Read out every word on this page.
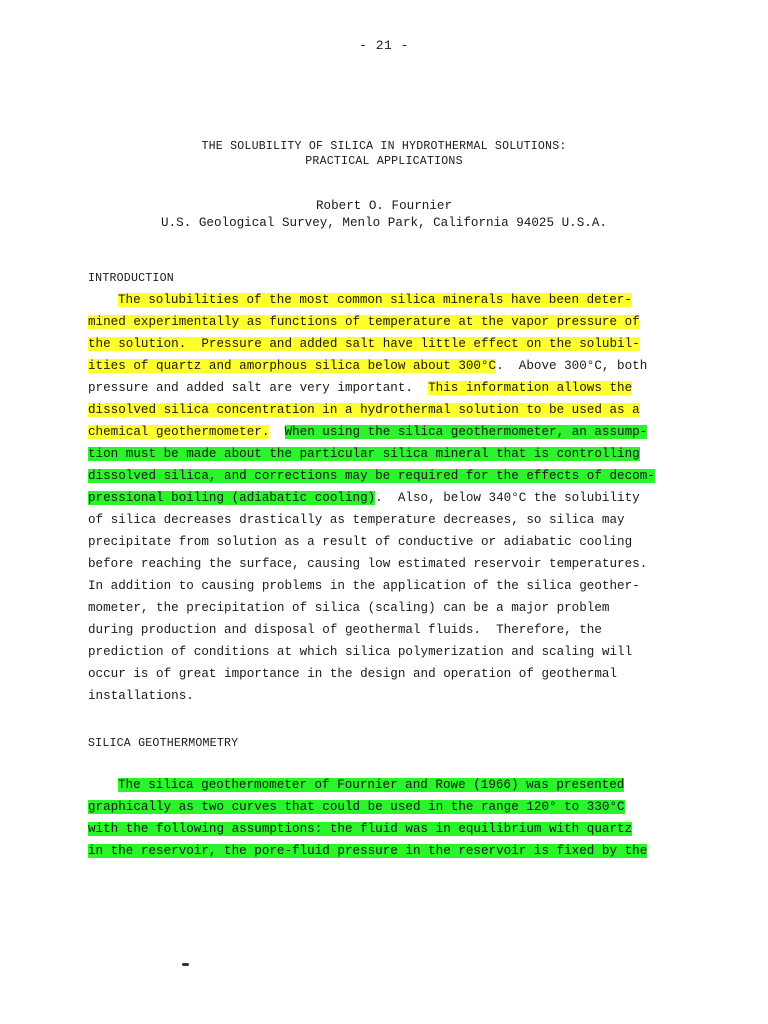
- 21 -
THE SOLUBILITY OF SILICA IN HYDROTHERMAL SOLUTIONS:
PRACTICAL APPLICATIONS
Robert O. Fournier
U.S. Geological Survey, Menlo Park, California 94025 U.S.A.
INTRODUCTION
The solubilities of the most common silica minerals have been deter-
mined experimentally as functions of temperature at the vapor pressure of
the solution.  Pressure and added salt have little effect on the solubil-
ities of quartz and amorphous silica below about 300°C.  Above 300°C, both
pressure and added salt are very important.  This information allows the
dissolved silica concentration in a hydrothermal solution to be used as a
chemical geothermometer. When using the silica geothermometer, an assump-
tion must be made about the particular silica mineral that is controlling
dissolved silica, and corrections may be required for the effects of decom-
pressional boiling (adiabatic cooling).  Also, below 340°C the solubility
of silica decreases drastically as temperature decreases, so silica may
precipitate from solution as a result of conductive or adiabatic cooling
before reaching the surface, causing low estimated reservoir temperatures.
In addition to causing problems in the application of the silica geother-
mometer, the precipitation of silica (scaling) can be a major problem
during production and disposal of geothermal fluids.  Therefore, the
prediction of conditions at which silica polymerization and scaling will
occur is of great importance in the design and operation of geothermal
installations.
SILICA GEOTHERMOMETRY
The silica geothermometer of Fournier and Rowe (1966) was presented
graphically as two curves that could be used in the range 120° to 330°C
with the following assumptions: the fluid was in equilibrium with quartz
in the reservoir, the pore-fluid pressure in the reservoir is fixed by the
